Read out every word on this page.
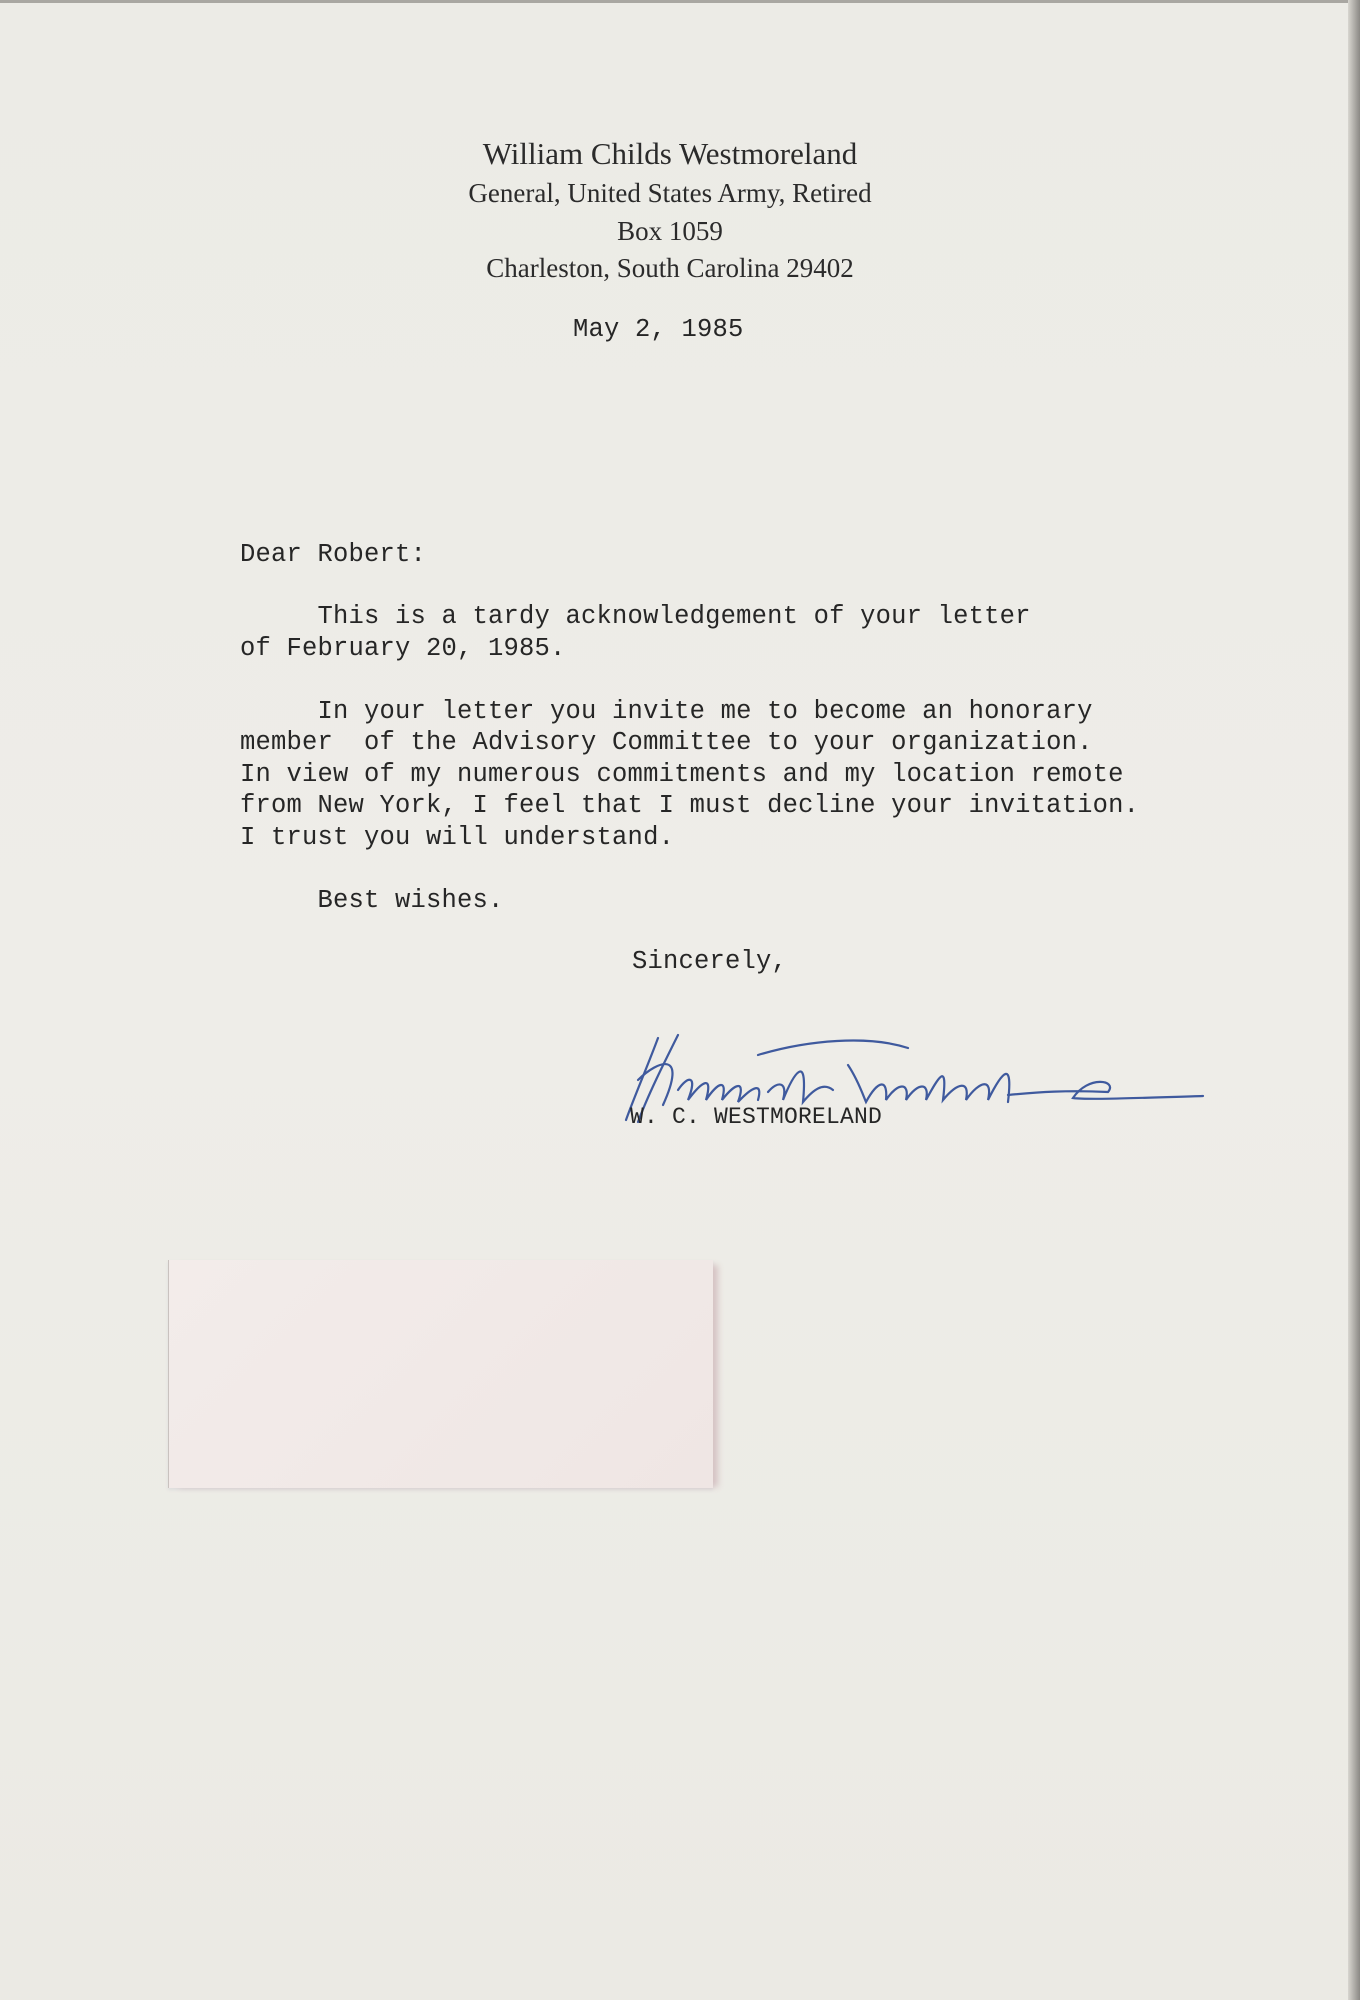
William Childs Westmoreland
General, United States Army, Retired
Box 1059
Charleston, South Carolina 29402
May 2, 1985
Dear Robert:
This is a tardy acknowledgement of your letter
of February 20, 1985.
In your letter you invite me to become an honorary
member  of the Advisory Committee to your organization.
In view of my numerous commitments and my location remote
from New York, I feel that I must decline your invitation.
I trust you will understand.
Best wishes.
Sincerely,
W. C. WESTMORELAND
